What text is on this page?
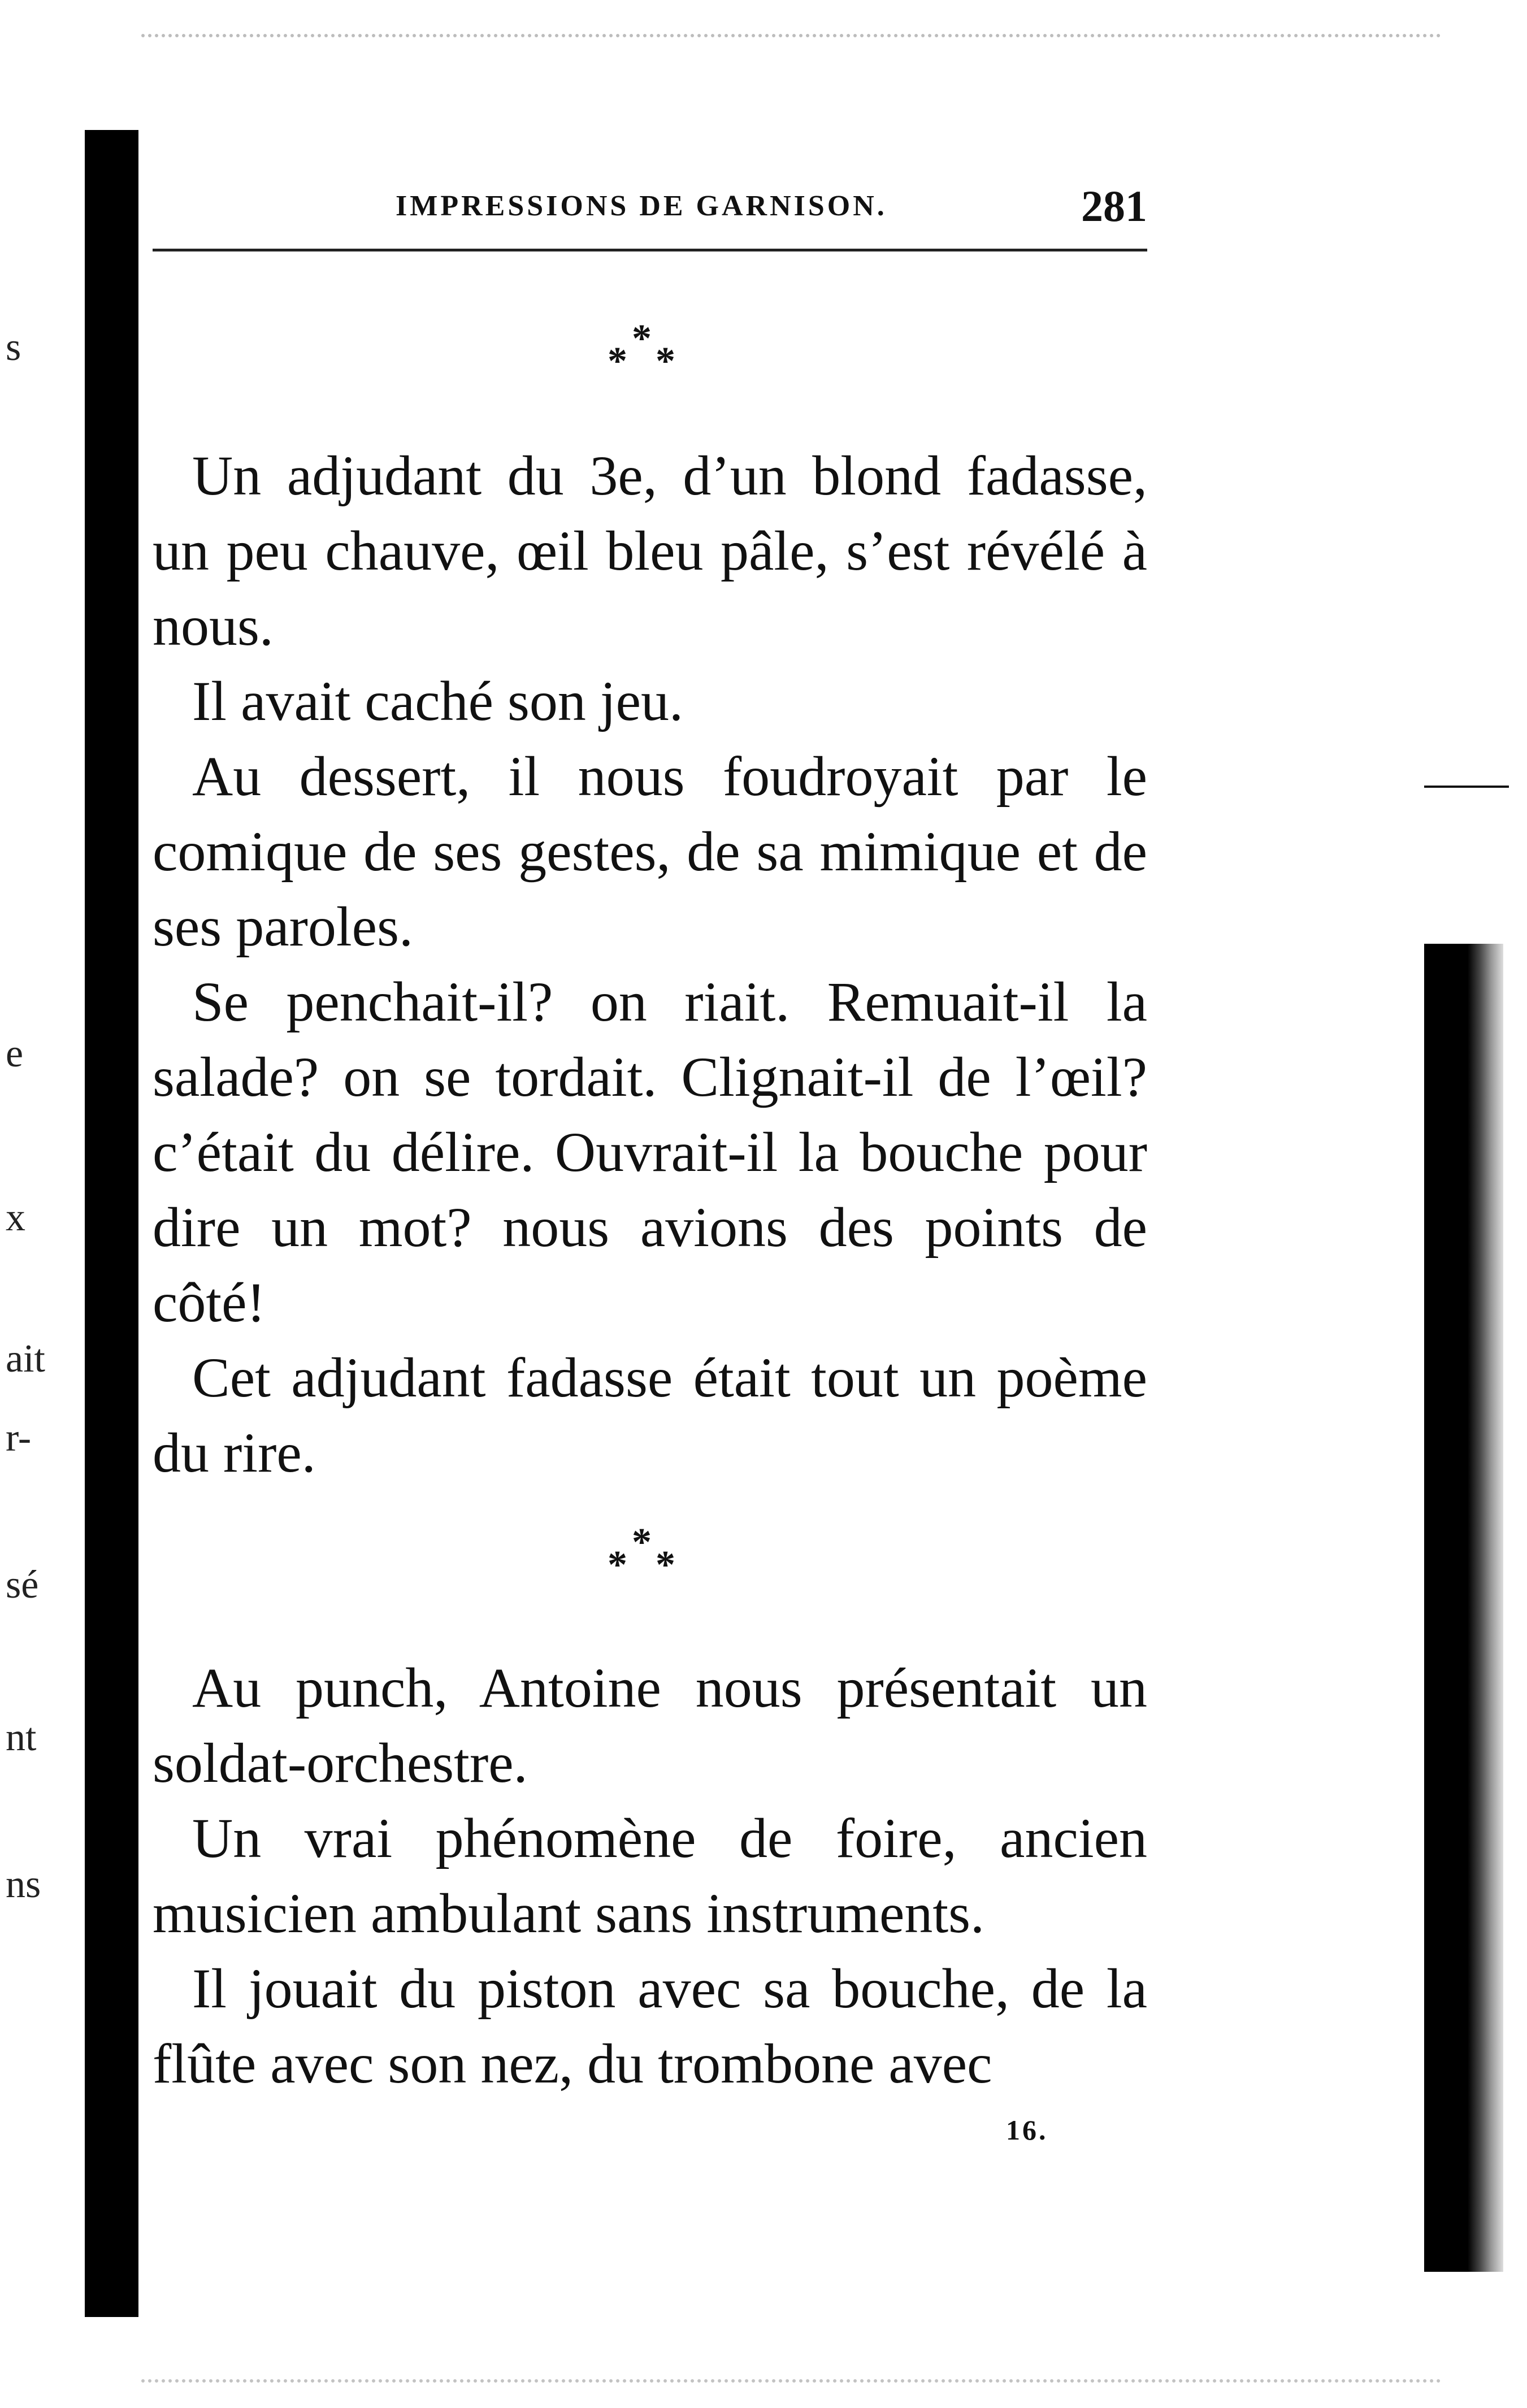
s
e
x
ait
r-
sé
nt
ns
IMPRESSIONS DE GARNISON.	281
*
* *

Un adjudant du 3e, d’un blond fadasse, un peu chauve, œil bleu pâle, s’est révélé à nous.

Il avait caché son jeu.

Au dessert, il nous foudroyait par le comique de ses gestes, de sa mimique et de ses paroles.

Se penchait-il? on riait. Remuait-il la salade? on se tordait. Clignait-il de l’œil? c’était du délire. Ouvrait-il la bouche pour dire un mot? nous avions des points de côté!

Cet adjudant fadasse était tout un poème du rire.

*
* *

Au punch, Antoine nous présentait un soldat-orchestre.

Un vrai phénomène de foire, ancien musicien ambulant sans instruments.

Il jouait du piston avec sa bouche, de la flûte avec son nez, du trombone avec

16.
